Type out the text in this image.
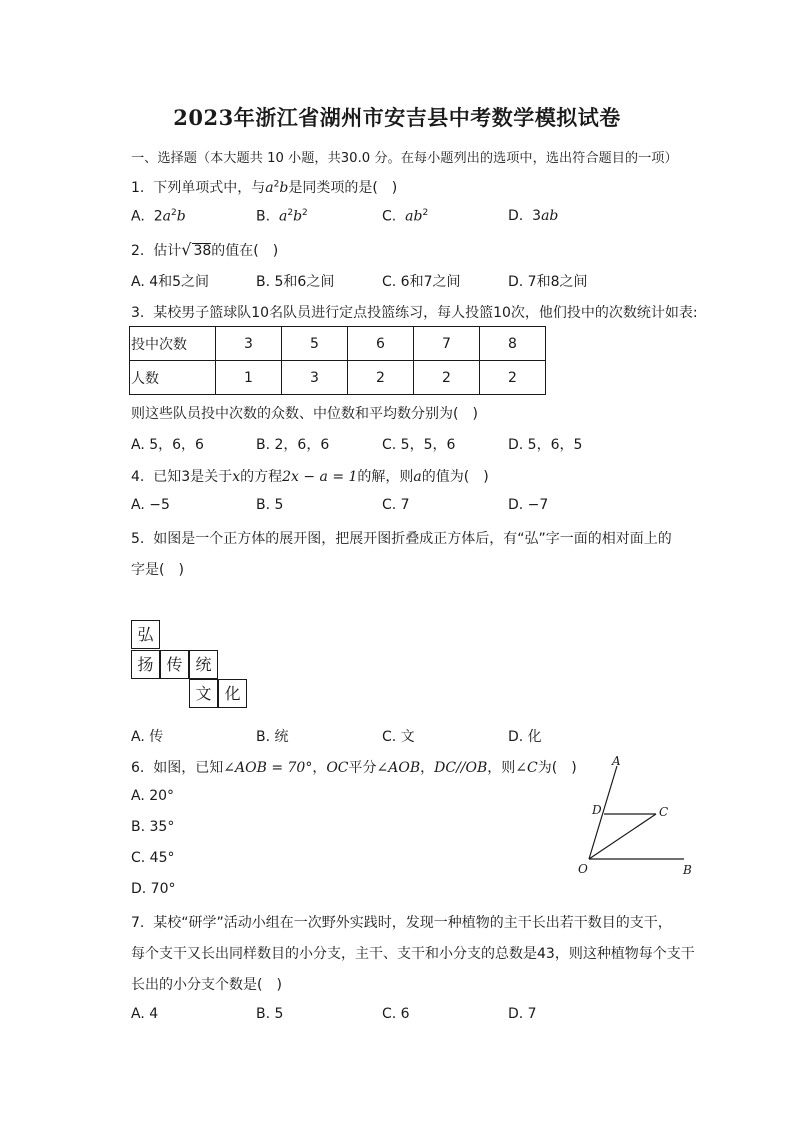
2023年浙江省湖州市安吉县中考数学模拟试卷
一、选择题（本大题共 10 小题，共30.0 分。在每小题列出的选项中，选出符合题目的一项）
1. 下列单项式中，与$a^2b$是同类项的是(　)
A. $2a^2b$	B. $a^2b^2$	C. $ab^2$	D. 3ab
2. 估计√ 38的值在(　)
A. 4和5之间	B. 5和6之间	C. 6和7之间	D. 7和8之间
3. 某校男子篮球队10名队员进行定点投篮练习，每人投篮10次，他们投中的次数统计如表:
投中次数	3	5	6	7	8
人数	1	3	2	2	2
则这些队员投中次数的众数、中位数和平均数分别为(　)
A. 5，6，6	B. 2，6，6	C. 5，5，6	D. 5，6，5
4. 已知3是关于x的方程2x − a = 1的解，则a的值为(　)
A. −5	B. 5	C. 7	D. −7
5. 如图是一个正方体的展开图，把展开图折叠成正方体后，有“弘”字一面的相对面上的
字是(　)
弘
扬 传 统
文 化
A. 传	B. 统	C. 文	D. 化
6. 如图，已知∠AOB = 70°，OC平分∠AOB，DC//OB，则∠C为(　)
A. 20°
B. 35°
C. 45°
D. 70°
A
D	C
O	B
7. 某校“研学”活动小组在一次野外实践时，发现一种植物的主干长出若干数目的支干，
每个支干又长出同样数目的小分支，主干、支干和小分支的总数是43，则这种植物每个支干
长出的小分支个数是(　)
A. 4	B. 5	C. 6	D. 7
